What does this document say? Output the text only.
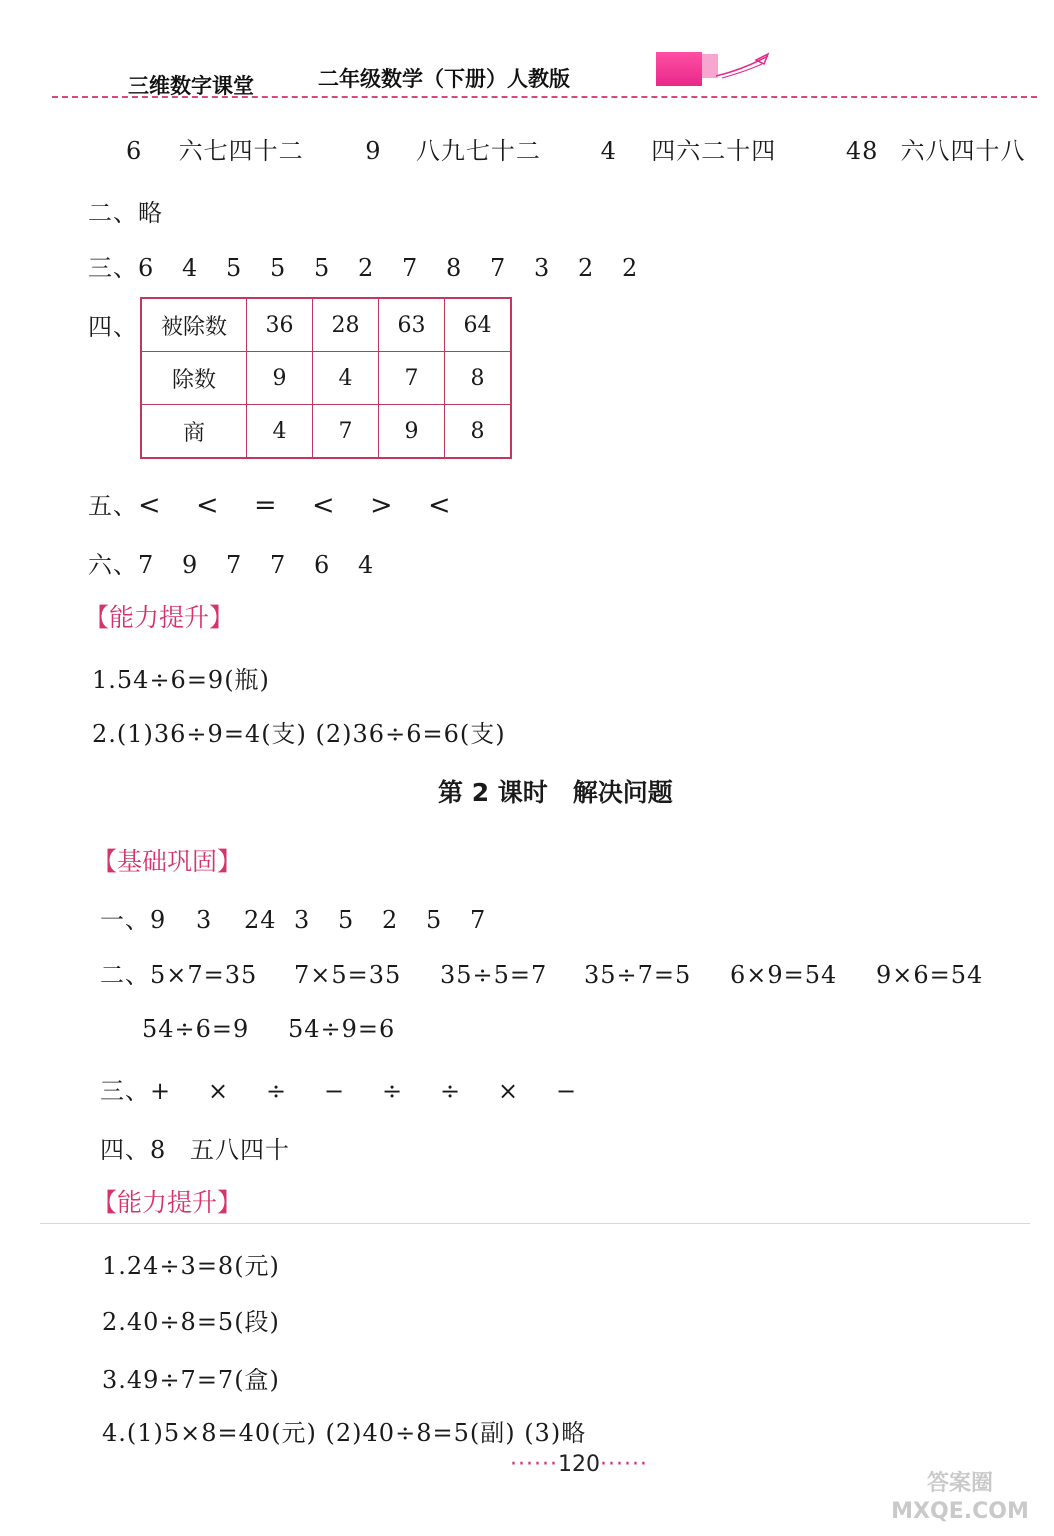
三维数字课堂	二年级数学（下册）人教版
6 六七四十二	9 八九七十二 4 四六二十四	48 六八四十八
二、略
三、6 4 5 5 5 2 7 8 7 3 2 2
四、 被除数	36	28	63	64
除数	9	4	7	8
商	4	7	9	8
五、< < = < > <
六、7 9 7 7 6 4
【能力提升】
1.54÷6=9(瓶)
2.(1)36÷9=4(支) (2)36÷6=6(支)
第 2 课时　解决问题
【基础巩固】
一、9 3 24 3 5 2 5 7
二、5×7=35 7×5=35 35÷5=7 35÷7=5 6×9=54 9×6=54
54÷6=9 54÷9=6
三、+ × ÷ − ÷ ÷ × −
四、8 五八四十
【能力提升】
1.24÷3=8(元)
2.40÷8=5(段)
3.49÷7=7(盒)
4.(1)5×8=40(元) (2)40÷8=5(副) (3)略
······120······
答案圈 MXQE.COM
